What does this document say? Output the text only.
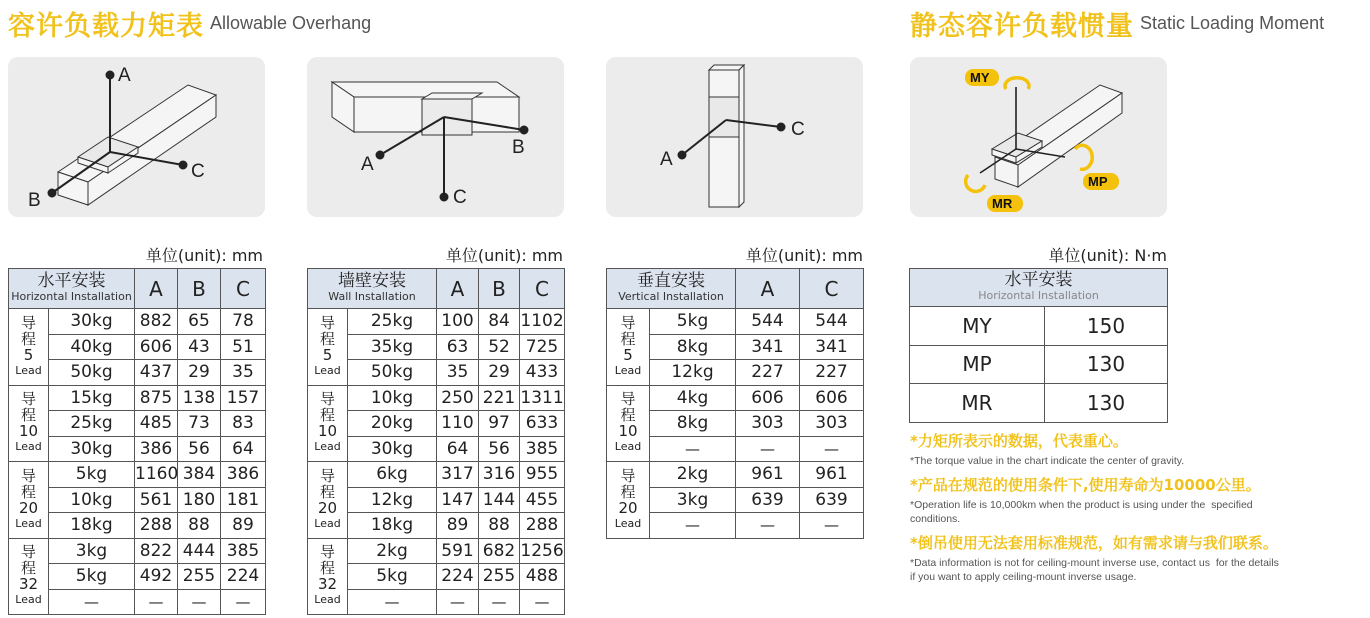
容许负载力矩表 Allowable Overhang	静态容许负载惯量 Static Loading Moment
A
C
B
A
B
C
C
A
MY
MP
MR
单位(unit): mm	单位(unit): mm	单位(unit): mm	单位(unit): N·m
水平安装
Horizontal Installation		A	B	C

导
程
5
Lead	30kg	882	65	78
	40kg	606	43	51
	50kg	437	29	35

导
程
10
Lead	15kg	875	138	157
	25kg	485	73	83
	30kg	386	56	64

导
程
20
Lead	5kg	1160	384	386
	10kg	561	180	181
	18kg	288	88	89

导
程
32
Lead	3kg	822	444	385
	5kg	492	255	224
	—	—	—	—
墙壁安装
Wall Installation		A	B	C

导
程
5
Lead	25kg	100	84	1102
	35kg	63	52	725
	50kg	35	29	433

导
程
10
Lead	10kg	250	221	1311
	20kg	110	97	633
	30kg	64	56	385

导
程
20
Lead	6kg	317	316	955
	12kg	147	144	455
	18kg	89	88	288

导
程
32
Lead	2kg	591	682	1256
	5kg	224	255	488
	—	—	—	—
垂直安装
Vertical Installation		A	C

导
程
5
Lead	5kg	544	544
	8kg	341	341
	12kg	227	227

导
程
10
Lead	4kg	606	606
	8kg	303	303
	—	—	—

导
程
20
Lead	2kg	961	961
	3kg	639	639
	—	—	—
水平安装
Horizontal Installation	

MY	150
MP	130
MR	130
*力矩所表示的数据，代表重心。
*The torque value in the chart indicate the center of gravity.
*产品在规范的使用条件下,使用寿命为10000公里。
*Operation life is 10,000km when the product is using under the  specified conditions.
*倒吊使用无法套用标准规范，如有需求请与我们联系。
*Data information is not for ceiling-mount inverse use, contact us  for the details if you want to apply ceiling-mount inverse usage.
